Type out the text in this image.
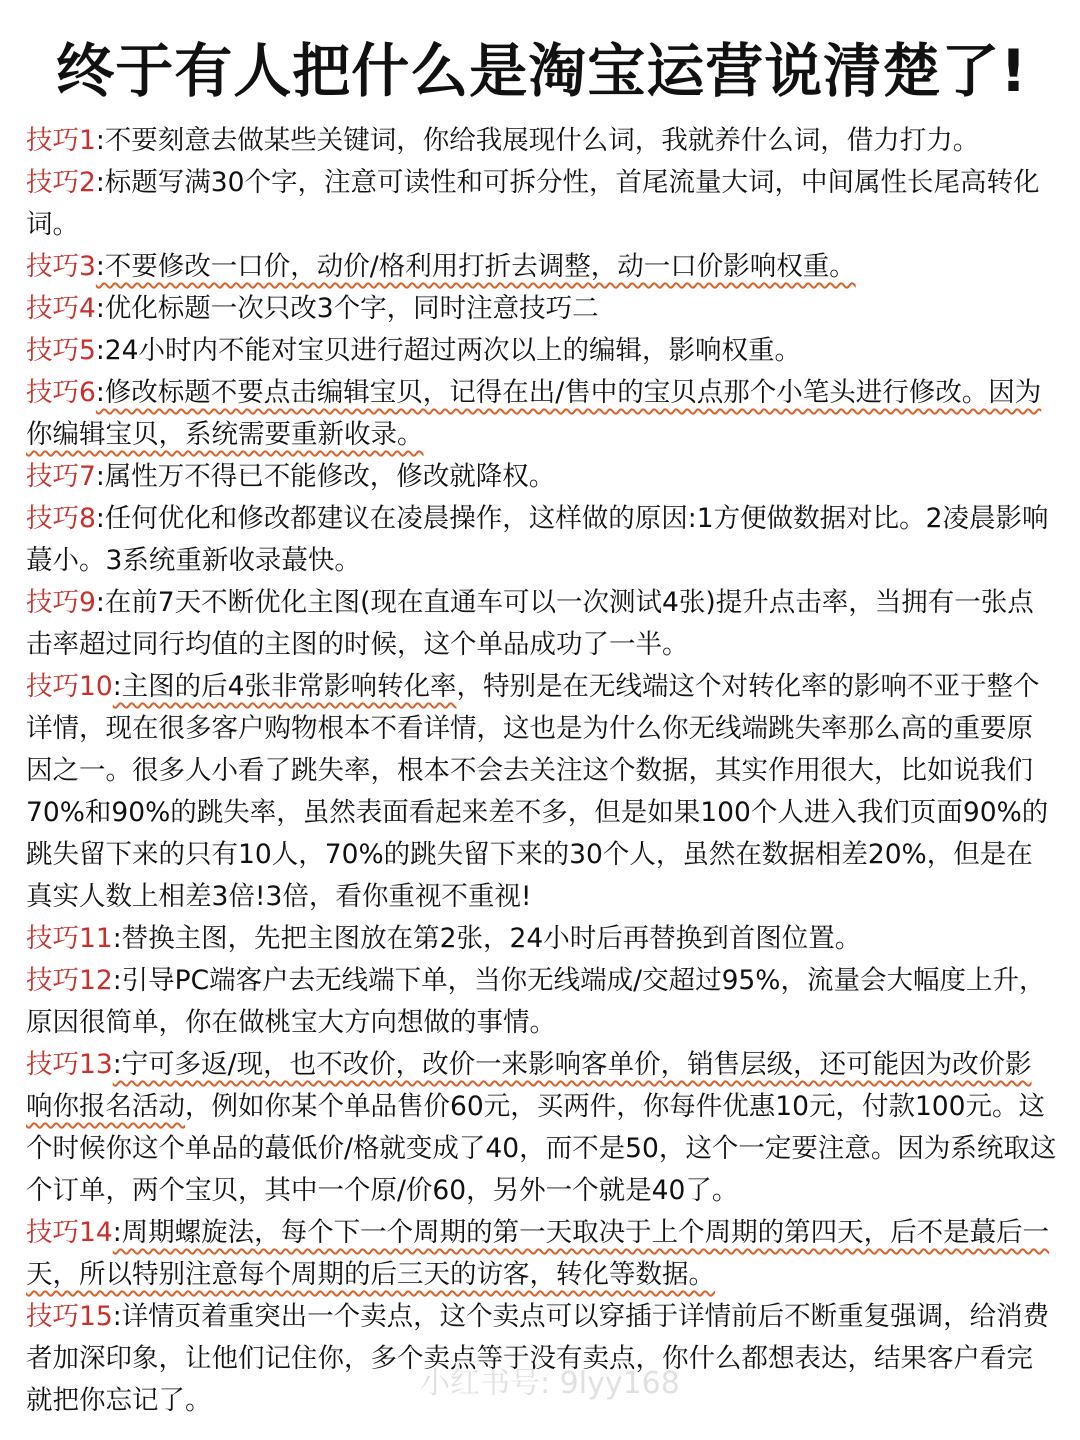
终于有人把什么是淘宝运营说清楚了!

技巧1:不要刻意去做某些关键词，你给我展现什么词，我就养什么词，借力打力。

技巧2:标题写满30个字，注意可读性和可拆分性，首尾流量大词，中间属性长尾高转化词。

技巧3:不要修改一口价，动价/格利用打折去调整，动一口价影响权重。

技巧4:优化标题一次只改3个字，同时注意技巧二

技巧5:24小时内不能对宝贝进行超过两次以上的编辑，影响权重。

技巧6:修改标题不要点击编辑宝贝，记得在出/售中的宝贝点那个小笔头进行修改。因为你编辑宝贝，系统需要重新收录。

技巧7:属性万不得已不能修改，修改就降权。

技巧8:任何优化和修改都建议在凌晨操作，这样做的原因:1方便做数据对比。2凌晨影响蕞小。3系统重新收录蕞快。

技巧9:在前7天不断优化主图(现在直通车可以一次测试4张)提升点击率，当拥有一张点击率超过同行均值的主图的时候，这个单品成功了一半。

技巧10:主图的后4张非常影响转化率，特别是在无线端这个对转化率的影响不亚于整个详情，现在很多客户购物根本不看详情，这也是为什么你无线端跳失率那么高的重要原因之一。很多人小看了跳失率，根本不会去关注这个数据，其实作用很大，比如说我们70%和90%的跳失率，虽然表面看起来差不多，但是如果100个人进入我们页面90%的跳失留下来的只有10人，70%的跳失留下来的30个人，虽然在数据相差20%，但是在真实人数上相差3倍!3倍，看你重视不重视!

技巧11:替换主图，先把主图放在第2张，24小时后再替换到首图位置。

技巧12:引导PC端客户去无线端下单，当你无线端成/交超过95%，流量会大幅度上升，原因很简单，你在做桃宝大方向想做的事情。

技巧13:宁可多返/现，也不改价，改价一来影响客单价，销售层级，还可能因为改价影响你报名活动，例如你某个单品售价60元，买两件，你每件优惠10元，付款100元。这个时候你这个单品的蕞低价/格就变成了40，而不是50，这个一定要注意。因为系统取这个订单，两个宝贝，其中一个原/价60，另外一个就是40了。

技巧14:周期螺旋法，每个下一个周期的第一天取决于上个周期的第四天，后不是蕞后一天，所以特别注意每个周期的后三天的访客，转化等数据。

技巧15:详情页着重突出一个卖点，这个卖点可以穿插于详情前后不断重复强调，给消费者加深印象，让他们记住你，多个卖点等于没有卖点，你什么都想表达，结果客户看完就把你忘记了。	小红书号: 9lyy168
